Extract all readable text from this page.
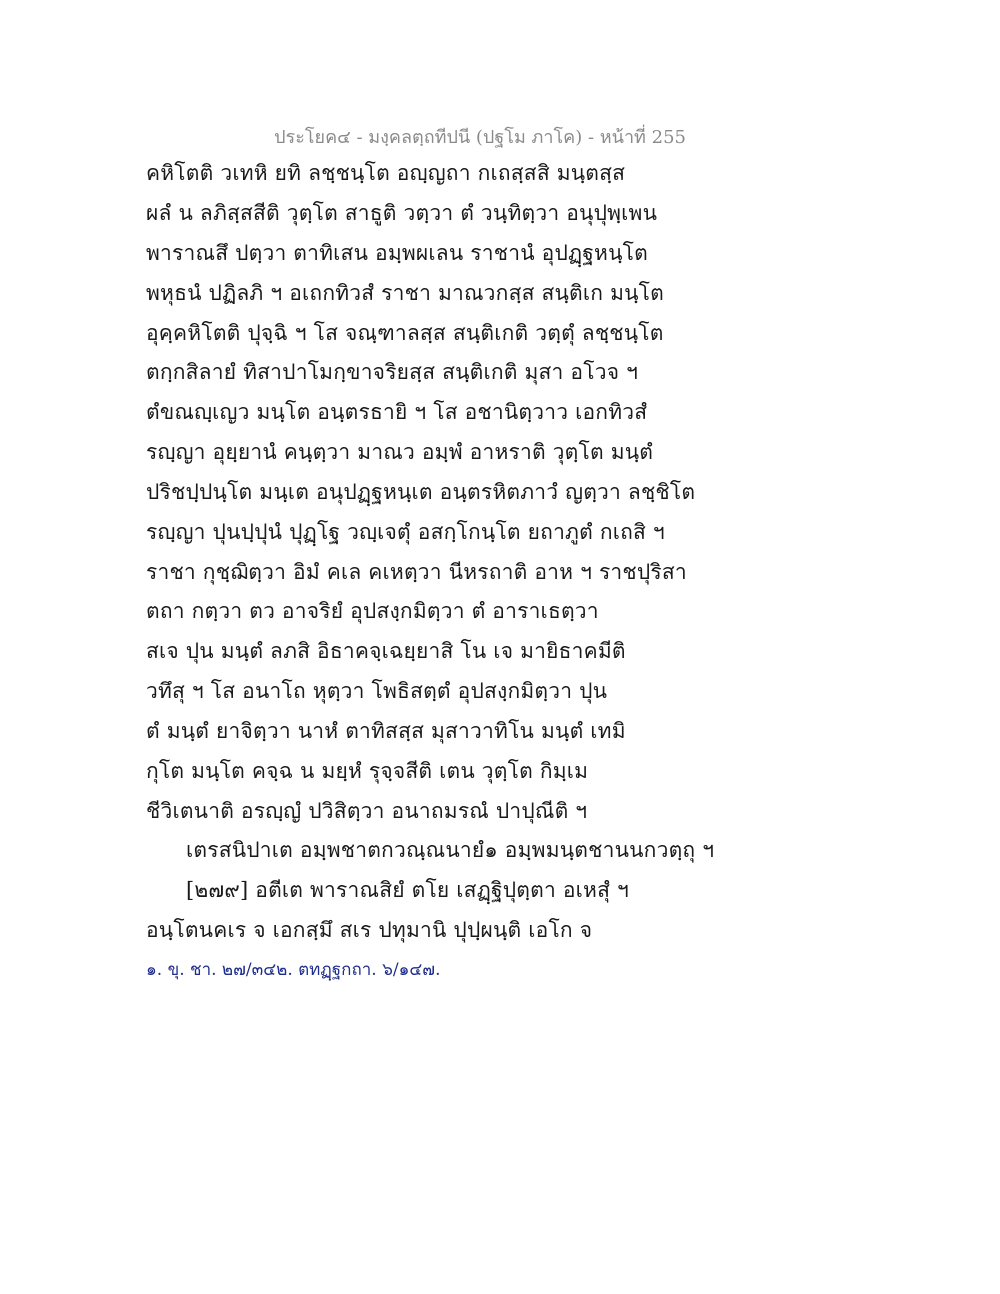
ประโยค๔ - มงฺคลตฺถทีปนี (ปฐโม ภาโค) - หน้าที่ 255
คหิโตติ วเทหิ ยทิ ลชฺชนฺโต อญฺญถา กเถสฺสสิ มนฺตสฺส
ผลํ น ลภิสฺสสีติ วุตฺโต สาธูติ วตฺวา ตํ วนฺทิตฺวา อนุปุพฺเพน
พาราณสึ ปตฺวา ตาทิเสน อมฺพผเลน ราชานํ อุปฏฺฐหนฺโต
พหุธนํ ปฏิลภิ ฯ อเถกทิวสํ ราชา มาณวกสฺส สนฺติเก มนฺโต
อุคฺคหิโตติ ปุจฺฉิ ฯ โส จณฺฑาลสฺส สนฺติเกติ วตฺตุํ ลชฺชนฺโต
ตกฺกสิลายํ ทิสาปาโมกฺขาจริยสฺส สนฺติเกติ มุสา อโวจ ฯ
ตํขณญฺเญว มนฺโต อนฺตรธายิ ฯ โส อชานิตฺวาว เอกทิวสํ
รญฺญา อุยฺยานํ คนฺตฺวา มาณว อมฺพํ อาหราติ วุตฺโต มนฺตํ
ปริชปฺปนฺโต มนฺเต อนุปฏฺฐหนฺเต อนฺตรหิตภาวํ ญตฺวา ลชฺชิโต
รญฺญา ปุนปฺปุนํ ปุฏฺโฐ วญฺเจตุํ อสกฺโกนฺโต ยถาภูตํ กเถสิ ฯ
ราชา กุชฺฌิตฺวา อิมํ คเล คเหตฺวา นีหรถาติ อาห ฯ ราชปุริสา
ตถา กตฺวา ตว อาจริยํ อุปสงฺกมิตฺวา ตํ อาราเธตฺวา
สเจ ปุน มนฺตํ ลภสิ อิธาคจฺเฉยฺยาสิ โน เจ มายิธาคมีติ
วทึสุ ฯ โส อนาโถ หุตฺวา โพธิสตฺตํ อุปสงฺกมิตฺวา ปุน
ตํ มนฺตํ ยาจิตฺวา นาหํ ตาทิสสฺส มุสาวาทิโน มนฺตํ เทมิ
กุโต มนฺโต คจฺฉ น มยฺหํ รุจฺจสีติ เตน วุตฺโต กิมฺเม
ชีวิเตนาติ อรญฺญํ ปวิสิตฺวา อนาถมรณํ ปาปุณีติ ฯ
เตรสนิปาเต อมฺพชาตกวณฺณนายํ๑ อมฺพมนฺตชานนกวตฺถุ ฯ
[๒๗๙] อตีเต พาราณสิยํ ตโย เสฏฺฐิปุตฺตา อเหสุํ ฯ
อนฺโตนคเร จ เอกสฺมึ สเร ปทุมานิ ปุปฺผนฺติ เอโก จ
๑. ขุ. ชา. ๒๗/๓๔๒. ตทฏฺฐกถา. ๖/๑๔๗.
